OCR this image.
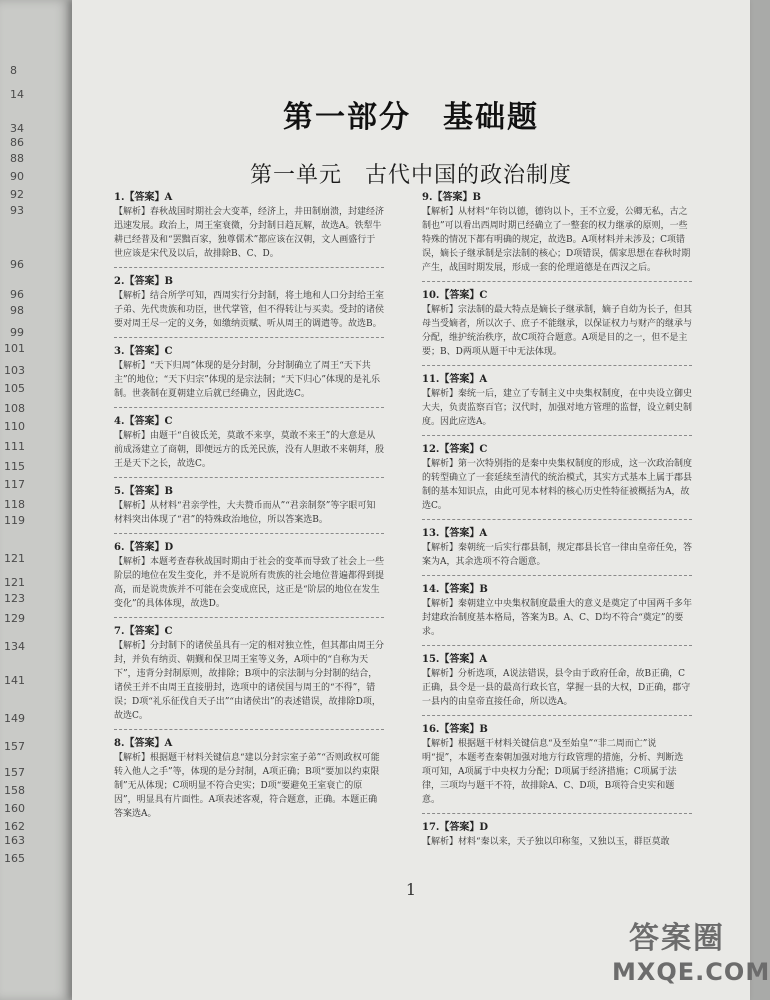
8
14
34
86
88
90
92
93
96
96
98
99
101
103
105
108
110
111
115
117
118
119
121
121
123
129
134
141
149
157
157
158
160
162
163
165
第一部分　基础题
第一单元　古代中国的政治制度
1.【答案】A
【解析】春秋战国时期社会大变革，经济上，井田制崩溃，封建经济迅速发展。政治上，周王室衰微，分封制日趋瓦解，故选A。铁犁牛耕已经普及和“罢黜百家，独尊儒术”都应该在汉朝，文人画盛行于世应该是宋代及以后，故排除B、C、D。
2.【答案】B
【解析】结合所学可知，西周实行分封制，将土地和人口分封给王室子弟、先代贵族和功臣，世代掌管，但不得转让与买卖。受封的诸侯要对周王尽一定的义务，如缴纳贡赋、听从周王的调遣等。故选B。
3.【答案】C
【解析】“天下归周”体现的是分封制，分封制确立了周王“天下共主”的地位；“天下归宗”体现的是宗法制；“天下归心”体现的是礼乐制。世袭制在夏朝建立后就已经确立，因此选C。
4.【答案】C
【解析】由题干“自彼氐羌，莫敢不来享，莫敢不来王”的大意是从前成汤建立了商朝，即便远方的氐羌民族，没有人胆敢不来朝拜，殷王是天下之长，故选C。
5.【答案】B
【解析】从材料“君亲学性，大夫赞币而从”“君亲制祭”等字眼可知材料突出体现了“君”的特殊政治地位，所以答案选B。
6.【答案】D
【解析】本题考查春秋战国时期由于社会的变革而导致了社会上一些阶层的地位在发生变化，并不是说所有贵族的社会地位普遍都得到提高，而是说贵族并不可能在会变成庶民，这正是“阶层的地位在发生变化”的具体体现，故选D。
7.【答案】C
【解析】分封制下的诸侯虽具有一定的相对独立性，但其都由周王分封，并负有纳贡、朝觐和保卫周王室等义务，A项中的“自称为天下”，违背分封制原则，故排除；B项中的宗法制与分封制的结合，诸侯王并不由周王直接册封，选项中的诸侯国与周王的“不得”，错误；D项“礼乐征伐自天子出”“由诸侯出”的表述错误，故排除D项，故选C。
8.【答案】A
【解析】根据题干材料关键信息“建以分封宗室子弟”“否则政权可能转入他人之手”等，体现的是分封制，A项正确；B项“要加以约束限制”无从体现；C项明显不符合史实；D项“要避免王室衰亡的原因”，明显具有片面性。A项表述客观，符合题意，正确。本题正确答案选A。
9.【答案】B
【解析】从材料“年钧以德，德钧以卜，王不立爱，公卿无私，古之制也”可以看出西周时期已经确立了一整套的权力继承的原则，一些特殊的情况下都有明确的规定，故选B。A项材料并未涉及；C项错误，嫡长子继承制是宗法制的核心；D项错误，儒家思想在春秋时期产生，战国时期发展，形成一套的伦理道德是在西汉之后。
10.【答案】C
【解析】宗法制的最大特点是嫡长子继承制，嫡子自幼为长子，但其母当受嫡者，所以次子、庶子不能继承，以保证权力与财产的继承与分配，维护统治秩序，故C项符合题意。A项是目的之一，但不是主要；B、D两项从题干中无法体现。
11.【答案】A
【解析】秦统一后，建立了专制主义中央集权制度，在中央设立御史大夫，负责监察百官；汉代时，加强对地方管理的监督，设立刺史制度。因此应选A。
12.【答案】C
【解析】第一次特别指的是秦中央集权制度的形成，这一次政治制度的转型确立了一套延续至清代的统治模式，其实方式基本上属于郡县制的基本知识点，由此可见本材料的核心历史性特征被概括为A，故选C。
13.【答案】A
【解析】秦朝统一后实行郡县制，规定郡县长官一律由皇帝任免，答案为A，其余选项不符合题意。
14.【答案】B
【解析】秦朝建立中央集权制度最重大的意义是奠定了中国两千多年封建政治制度基本格局，答案为B。A、C、D均不符合“奠定”的要求。
15.【答案】A
【解析】分析选项，A说法错误，县令由于政府任命，故B正确，C正确，县令是一县的最高行政长官，掌握一县的大权，D正确，郡守一县内的由皇帝直接任命，所以选A。
16.【答案】B
【解析】根据题干材料关键信息“及至始皇”“非二周而亡”说明“提”，本题考查秦朝加强对地方行政管理的措施，分析、判断选项可知，A项属于中央权力分配；D项属于经济措施；C项属于法律，三项均与题干不符，故排除A、C、D项，B项符合史实和题意。
17.【答案】D
【解析】材料“秦以来，天子独以印称玺，又独以玉，群臣莫敢
1
答案圈
MXQE.COM
